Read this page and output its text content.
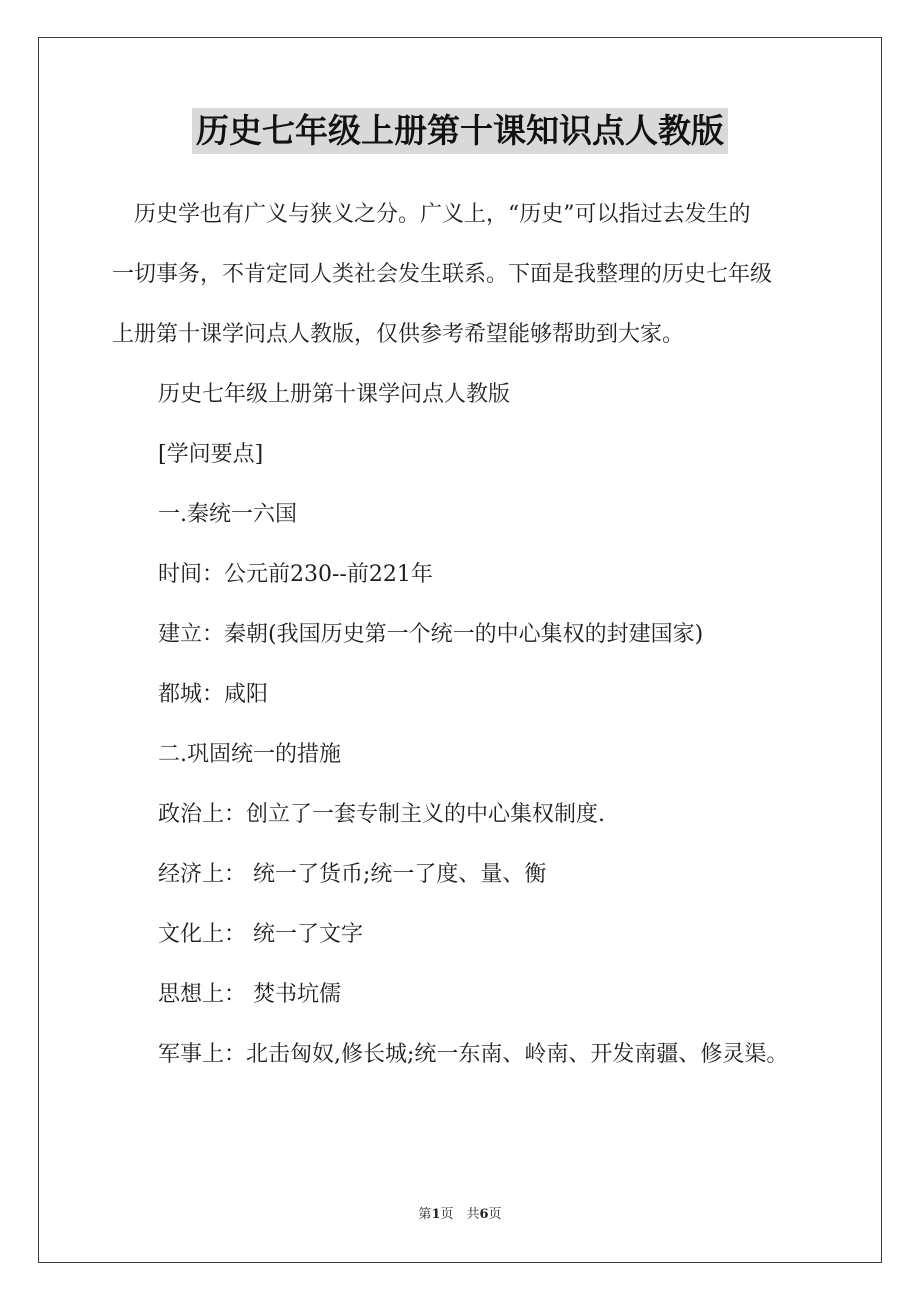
历史七年级上册第十课知识点人教版
　历史学也有广义与狭义之分。广义上，“历史”可以指过去发生的
一切事务，不肯定同人类社会发生联系。下面是我整理的历史七年级
上册第十课学问点人教版，仅供参考希望能够帮助到大家。
历史七年级上册第十课学问点人教版
[学问要点]
一.秦统一六国
时间：公元前230--前221年
建立：秦朝(我国历史第一个统一的中心集权的封建国家)
都城：咸阳
二.巩固统一的措施
政治上：创立了一套专制主义的中心集权制度.
经济上： 统一了货币;统一了度、量、衡
文化上： 统一了文字
思想上： 焚书坑儒
军事上：北击匈奴,修长城;统一东南、岭南、开发南疆、修灵渠。
第1页　共6页
